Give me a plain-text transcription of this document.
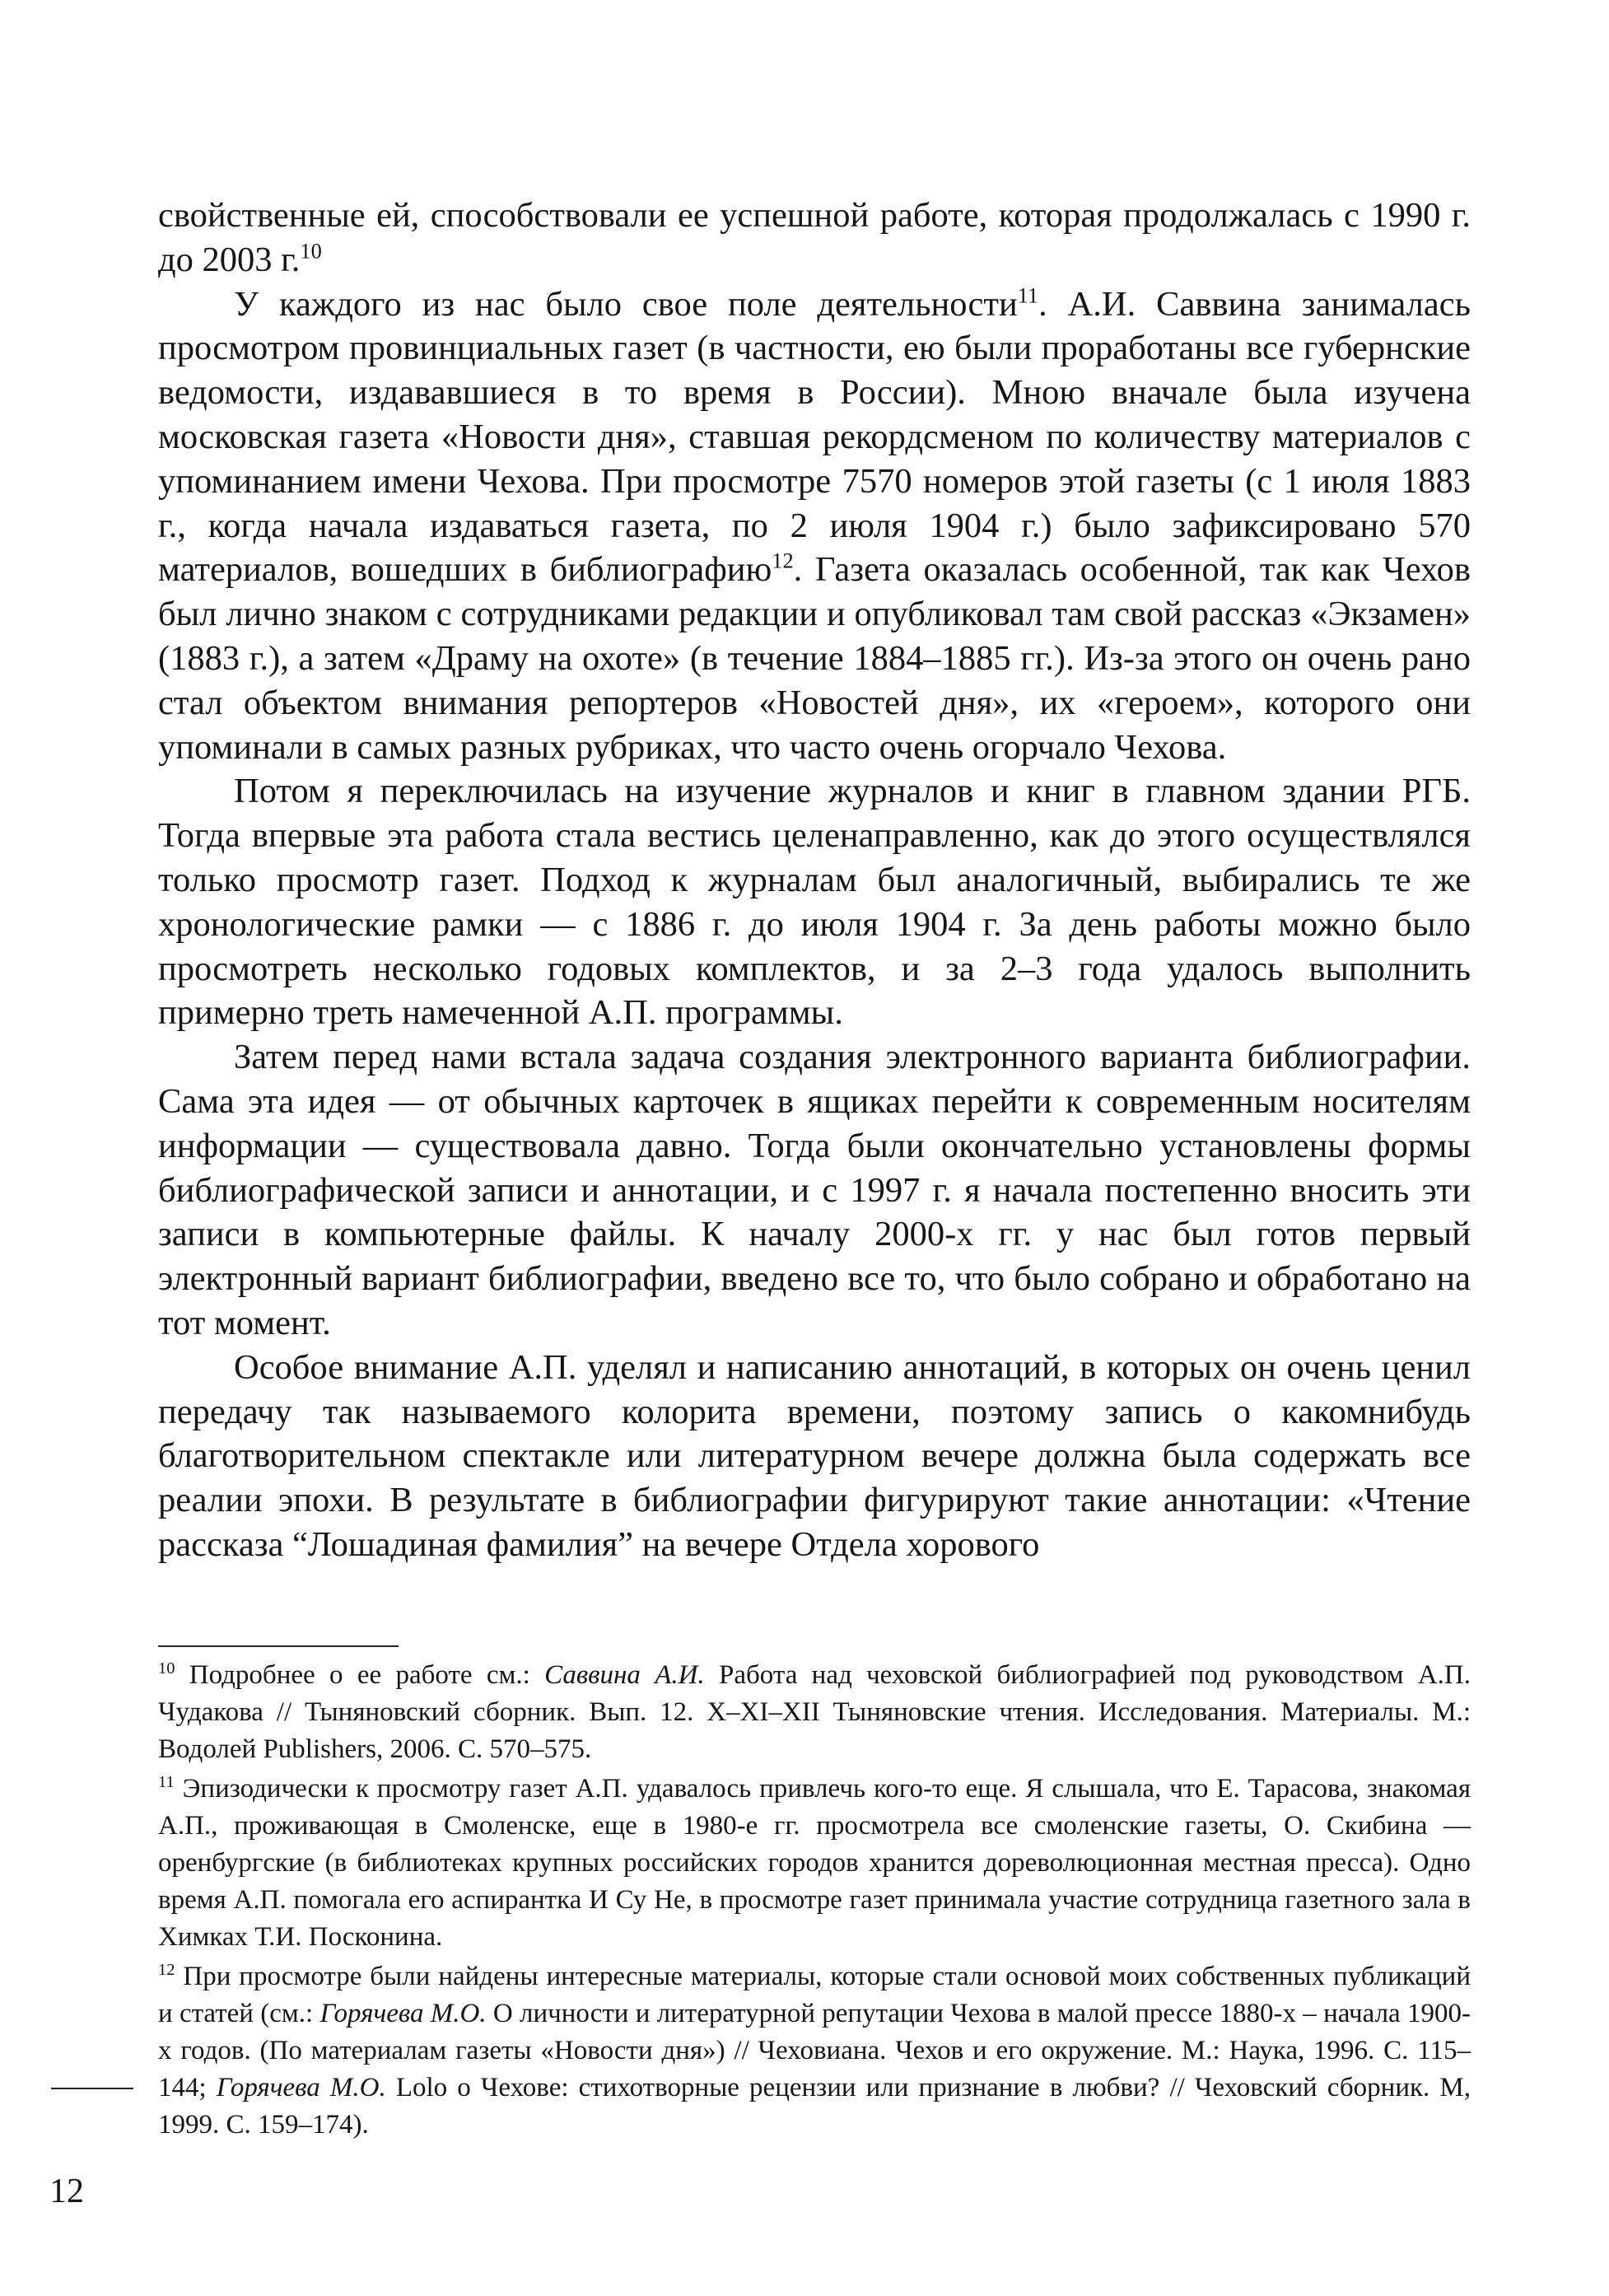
свойственные ей, способствовали ее успешной работе, которая продолжалась с 1990 г. до 2003 г.$^{10}$

У каждого из нас было свое поле деятельности$^{11}$. А.И. Саввина занималась просмотром провинциальных газет (в частности, ею были проработаны все губернские ведомости, издававшиеся в то время в России). Мною вначале была изучена московская газета «Новости дня», ставшая рекордсменом по количеству материалов с упоминанием имени Чехова. При просмотре 7570 номеров этой газеты (с 1 июля 1883 г., когда начала издаваться газета, по 2 июля 1904 г.) было зафиксировано 570 материалов, вошедших в библиографию$^{12}$. Газета оказалась особенной, так как Чехов был лично знаком с сотрудниками редакции и опубликовал там свой рассказ «Экзамен» (1883 г.), а затем «Драму на охоте» (в течение 1884–1885 гг.). Из-за этого он очень рано стал объектом внимания репортеров «Новостей дня», их «героем», которого они упоминали в самых разных рубриках, что часто очень огорчало Чехова.

Потом я переключилась на изучение журналов и книг в главном здании РГБ. Тогда впервые эта работа стала вестись целенаправленно, как до этого осуществлялся только просмотр газет. Подход к журналам был аналогичный, выбирались те же хронологические рамки — с 1886 г. до июля 1904 г. За день работы можно было просмотреть несколько годовых комплектов, и за 2–3 года удалось выполнить примерно треть намеченной А.П. программы.

Затем перед нами встала задача создания электронного варианта библиографии. Сама эта идея — от обычных карточек в ящиках перейти к современным носителям информации — существовала давно. Тогда были окончательно установлены формы библиографической записи и аннотации, и с 1997 г. я начала постепенно вносить эти записи в компьютерные файлы. К началу 2000-х гг. у нас был готов первый электронный вариант библиографии, введено все то, что было собрано и обработано на тот момент.

Особое внимание А.П. уделял и написанию аннотаций, в которых он очень ценил передачу так называемого колорита времени, поэтому запись о какомнибудь благотворительном спектакле или литературном вечере должна была содержать все реалии эпохи. В результате в библиографии фигурируют такие аннотации: «Чтение рассказа “Лошадиная фамилия” на вечере Отдела хорового

$^{10}$ Подробнее о ее работе см.: Саввина А.И. Работа над чеховской библиографией под руководством А.П. Чудакова // Тыняновский сборник. Вып. 12. X–XI–XII Тыняновские чтения. Исследования. Материалы. М.: Водолей Publishers, 2006. С. 570–575.

$^{11}$ Эпизодически к просмотру газет А.П. удавалось привлечь кого-то еще. Я слышала, что Е. Тарасова, знакомая А.П., проживающая в Смоленске, еще в 1980-е гг. просмотрела все смоленские газеты, О. Скибина — оренбургские (в библиотеках крупных российских городов хранится дореволюционная местная пресса). Одно время А.П. помогала его аспирантка И Су Не, в просмотре газет принимала участие сотрудница газетного зала в Химках Т.И. Посконина.

$^{12}$ При просмотре были найдены интересные материалы, которые стали основой моих собственных публикаций и статей (см.: Горячева М.О. О личности и литературной репутации Чехова в малой прессе 1880-х – начала 1900-х годов. (По материалам газеты «Новости дня») // Чеховиана. Чехов и его окружение. М.: Наука, 1996. С. 115–144; Горячева М.О. Lolo о Чехове: стихотворные рецензии или признание в любви? // Чеховский сборник. М, 1999. С. 159–174).

12
